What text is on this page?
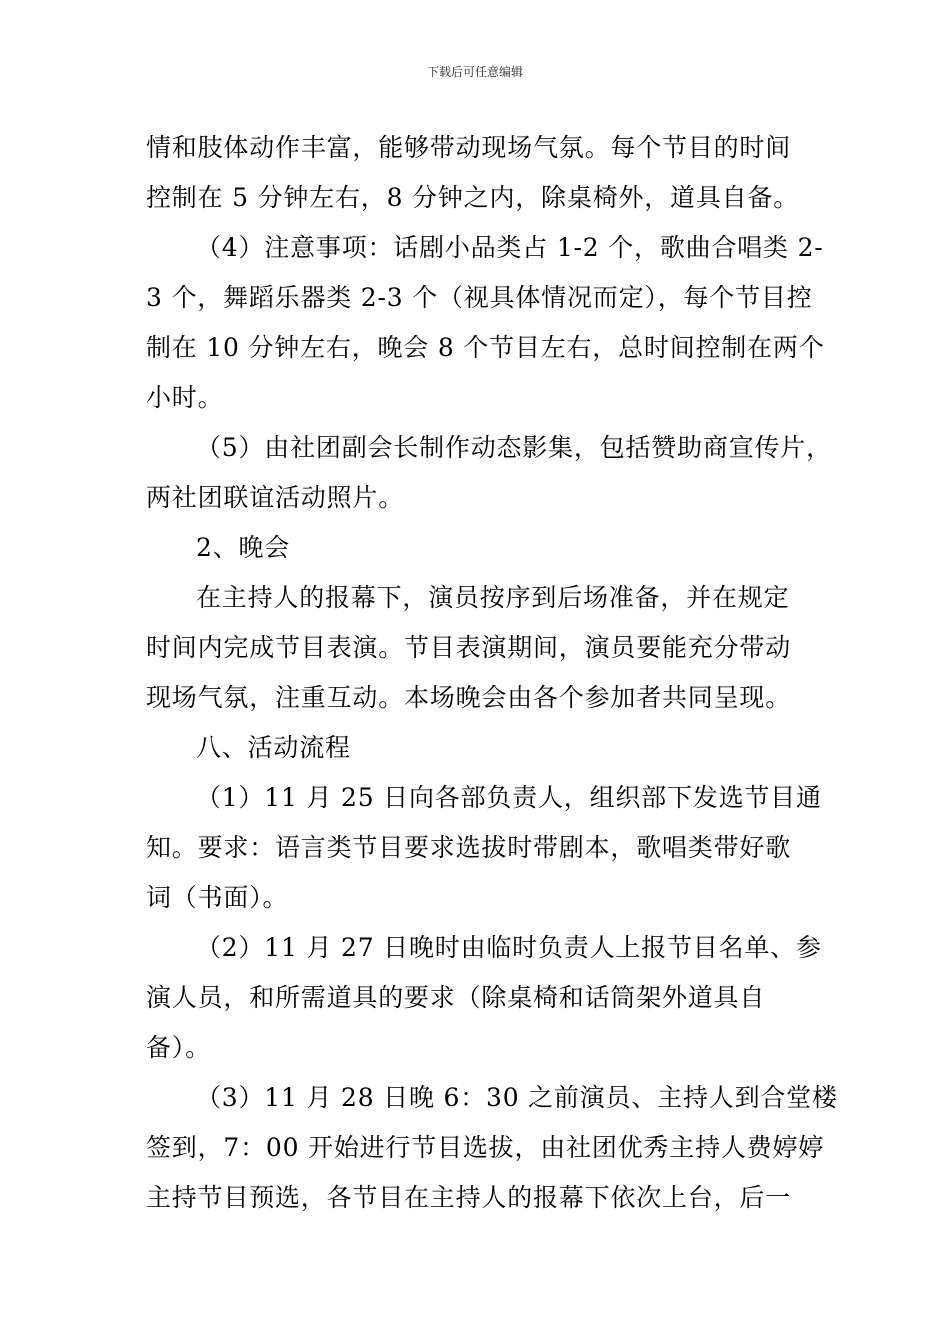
下载后可任意编辑
情和肢体动作丰富，能够带动现场气氛。每个节目的时间
控制在 5 分钟左右，8 分钟之内，除桌椅外，道具自备。
（4）注意事项：话剧小品类占 1-2 个，歌曲合唱类 2-
3 个，舞蹈乐器类 2-3 个（视具体情况而定），每个节目控
制在 10 分钟左右，晚会 8 个节目左右，总时间控制在两个
小时。
（5）由社团副会长制作动态影集，包括赞助商宣传片，
两社团联谊活动照片。
2、晚会
在主持人的报幕下，演员按序到后场准备，并在规定
时间内完成节目表演。节目表演期间，演员要能充分带动
现场气氛，注重互动。本场晚会由各个参加者共同呈现。
八、活动流程
（1）11 月 25 日向各部负责人，组织部下发选节目通
知。要求：语言类节目要求选拔时带剧本，歌唱类带好歌
词（书面）。
（2）11 月 27 日晚时由临时负责人上报节目名单、参
演人员，和所需道具的要求（除桌椅和话筒架外道具自
备）。
（3）11 月 28 日晚 6：30 之前演员、主持人到合堂楼
签到，7：00 开始进行节目选拔，由社团优秀主持人费婷婷
主持节目预选，各节目在主持人的报幕下依次上台，后一
